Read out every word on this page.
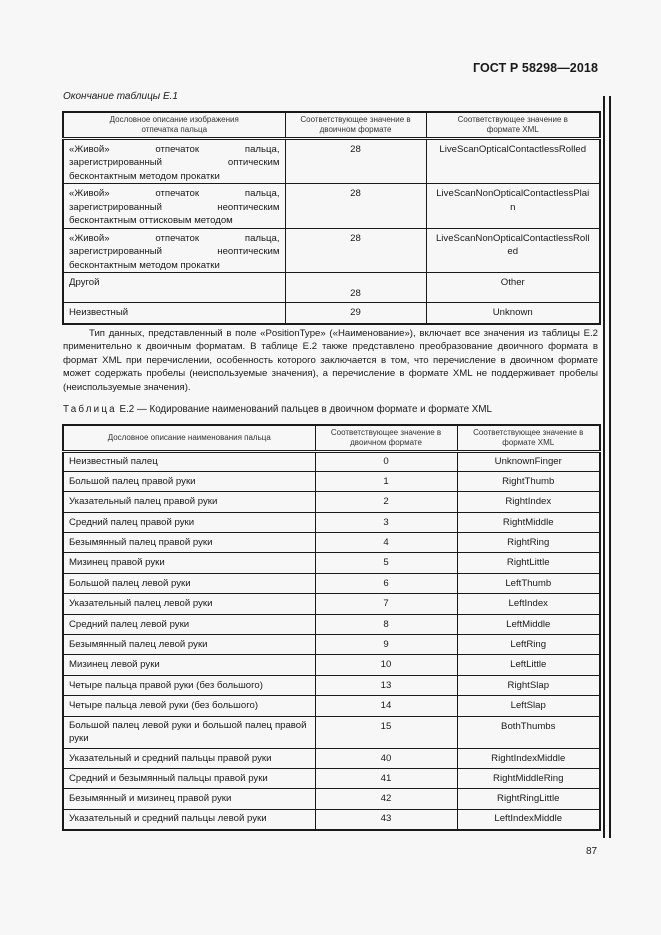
ГОСТ Р 58298—2018
Окончание таблицы Е.1
Дословное описание изображения отпечатка пальца	Соответствующее значение в двоичном формате	Соответствующее значение в формате XML
«Живой» отпечаток пальца, зарегистрированный оптическим бесконтактным методом прокатки	28	LiveScanOpticalContactlessRolled
«Живой» отпечаток пальца, зарегистрированный неоптическим бесконтактным оттисковым методом	28	LiveScanNonOpticalContactlessPlain
«Живой» отпечаток пальца, зарегистрированный неоптическим бесконтактным методом прокатки	28	LiveScanNonOpticalContactlessRolled
Другой	28	Other
Неизвестный	29	Unknown
Тип данных, представленный в поле «PositionType» («Наименование»), включает все значения из таблицы Е.2 применительно к двоичным форматам. В таблице Е.2 также представлено преобразование двоичного формата в формат XML при перечислении, особенность которого заключается в том, что перечисление в двоичном формате может содержать пробелы (неиспользуемые значения), а перечисление в формате XML не поддерживает пробелы (неиспользуемые значения).
Таблица Е.2 — Кодирование наименований пальцев в двоичном формате и формате XML
Дословное описание наименования пальца	Соответствующее значение в двоичном формате	Соответствующее значение в формате XML
Неизвестный палец	0	UnknownFinger
Большой палец правой руки	1	RightThumb
Указательный палец правой руки	2	RightIndex
Средний палец правой руки	3	RightMiddle
Безымянный палец правой руки	4	RightRing
Мизинец правой руки	5	RightLittle
Большой палец левой руки	6	LeftThumb
Указательный палец левой руки	7	LeftIndex
Средний палец левой руки	8	LeftMiddle
Безымянный палец левой руки	9	LeftRing
Мизинец левой руки	10	LeftLittle
Четыре пальца правой руки (без большого)	13	RightSlap
Четыре пальца левой руки (без большого)	14	LeftSlap
Большой палец левой руки и большой палец правой руки	15	BothThumbs
Указательный и средний пальцы правой руки	40	RightIndexMiddle
Средний и безымянный пальцы правой руки	41	RightMiddleRing
Безымянный и мизинец правой руки	42	RightRingLittle
Указательный и средний пальцы левой руки	43	LeftIndexMiddle
87
